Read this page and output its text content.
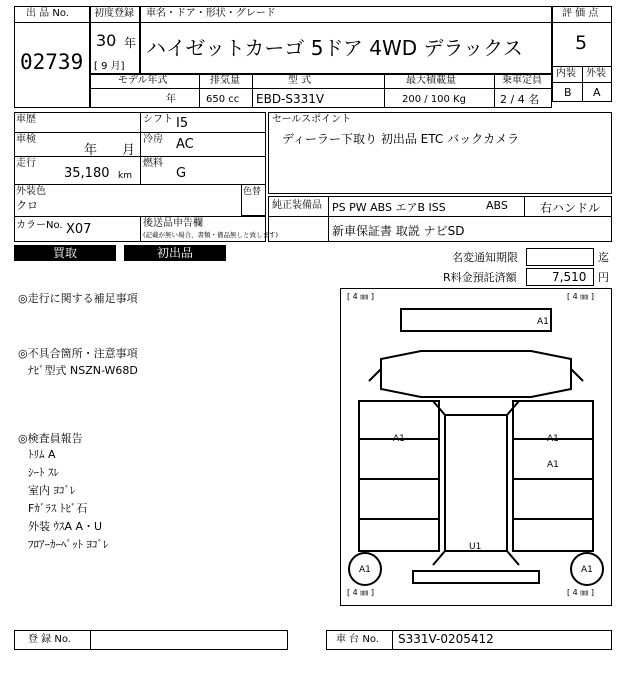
出 品 No.
02739
初度登録
30 年
[ 9 月]
車名・ドア・形状・グレード
ハイゼットカーゴ 5ドア 4WD デラックス
評 価 点
5
内装 外装
B A
モデル年式
年
排気量
650 cc
型 式
EBD-S331V
最大積載量
200 / 100 Kg
乗車定員
2 / 4 名
車歴	シフト I5
車検
年 月
冷房 AC
走行
35,180 km
燃料
G
外装色
クロ
色替
カラーNo. X07	後送品申告欄
(記載が無い場合、書類・備品無しと致します)
セールスポイント
ディーラー下取り 初出品 ETC バックカメラ
純正装備品 PS PW ABS エアB ISS	ABS	右ハンドル
新車保証書 取説 ナビSD
買取	初出品	名変通知期限	迄
R料金預託済額	7,510 円
◎走行に関する補足事項
◎不具合箇所・注意事項
ﾅﾋﾞ型式 NSZN-W68D
◎検査員報告
ﾄﾘﾑ A
ｼｰﾄ ｽﾚ
室内 ﾖｺﾞﾚ
Fｶﾞﾗｽ ﾄﾋﾞ石
外装 ｳｽA A・U
ﾌﾛｱｰｶｰﾍﾟｯﾄ ﾖｺﾞﾚ
[ 4 ㎜ ]	[ 4 ㎜ ]
[ 4 ㎜ ]	[ 4 ㎜ ]
A1
A1	A1
A1
U1
A1	A1
登 録 No.	車 台 No. S331V-0205412
